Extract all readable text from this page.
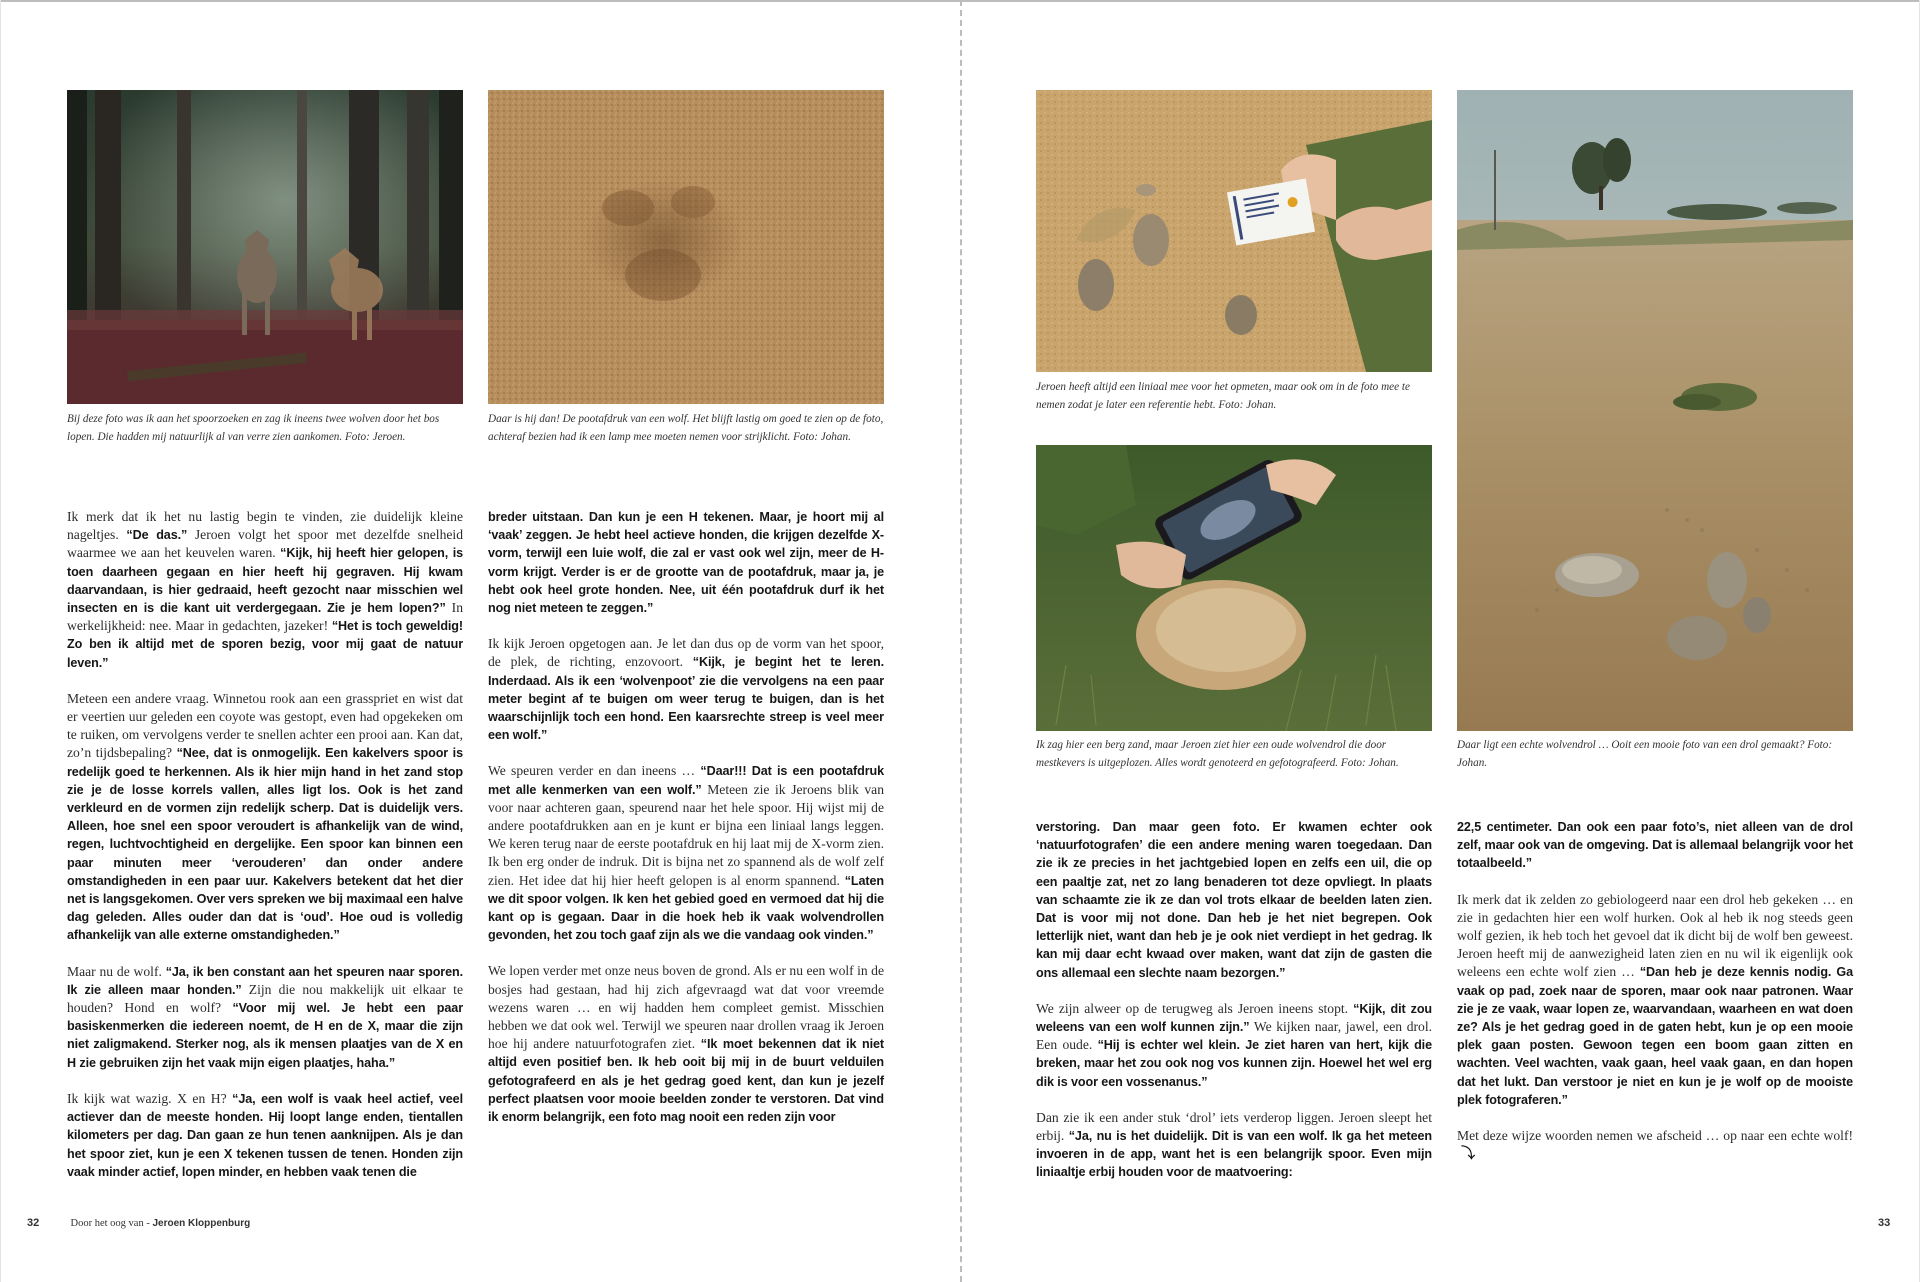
Bij deze foto was ik aan het spoorzoeken en zag ik ineens twee wolven door het bos lopen. Die hadden mij natuurlijk al van verre zien aankomen. Foto: Jeroen.
Daar is hij dan! De pootafdruk van een wolf. Het blijft lastig om goed te zien op de foto, achteraf bezien had ik een lamp mee moeten nemen voor strijklicht. Foto: Johan.

Ik merk dat ik het nu lastig begin te vinden, zie duidelijk kleine nageltjes. “De das.” Jeroen volgt het spoor met dezelfde snelheid waarmee we aan het keuvelen waren. “Kijk, hij heeft hier gelopen, is toen daarheen gegaan en hier heeft hij gegraven. Hij kwam daarvandaan, is hier gedraaid, heeft gezocht naar misschien wel insecten en is die kant uit verdergegaan. Zie je hem lopen?” In werkelijkheid: nee. Maar in gedachten, jazeker! “Het is toch geweldig! Zo ben ik altijd met de sporen bezig, voor mij gaat de natuur leven.”

Meteen een andere vraag. Winnetou rook aan een grasspriet en wist dat er veertien uur geleden een coyote was gestopt, even had opgekeken om te ruiken, om vervolgens verder te snellen achter een prooi aan. Kan dat, zo’n tijdsbepaling? “Nee, dat is onmogelijk. Een kakelvers spoor is redelijk goed te herkennen. Als ik hier mijn hand in het zand stop zie je de losse korrels vallen, alles ligt los. Ook is het zand verkleurd en de vormen zijn redelijk scherp. Dat is duidelijk vers. Alleen, hoe snel een spoor veroudert is afhankelijk van de wind, regen, luchtvochtigheid en dergelijke. Een spoor kan binnen een paar minuten meer ‘verouderen’ dan onder andere omstandigheden in een paar uur. Kakelvers betekent dat het dier net is langsgekomen. Over vers spreken we bij maximaal een halve dag geleden. Alles ouder dan dat is ‘oud’. Hoe oud is volledig afhankelijk van alle externe omstandigheden.”

Maar nu de wolf. “Ja, ik ben constant aan het speuren naar sporen. Ik zie alleen maar honden.” Zijn die nou makkelijk uit elkaar te houden? Hond en wolf? “Voor mij wel. Je hebt een paar basiskenmerken die iedereen noemt, de H en de X, maar die zijn niet zaligmakend. Sterker nog, als ik mensen plaatjes van de X en H zie gebruiken zijn het vaak mijn eigen plaatjes, haha.”

Ik kijk wat wazig. X en H? “Ja, een wolf is vaak heel actief, veel actiever dan de meeste honden. Hij loopt lange enden, tientallen kilometers per dag. Dan gaan ze hun tenen aanknijpen. Als je dan het spoor ziet, kun je een X tekenen tussen de tenen. Honden zijn vaak minder actief, lopen minder, en hebben vaak tenen die

breder uitstaan. Dan kun je een H tekenen. Maar, je hoort mij al ‘vaak’ zeggen. Je hebt heel actieve honden, die krijgen dezelfde X-vorm, terwijl een luie wolf, die zal er vast ook wel zijn, meer de H-vorm krijgt. Verder is er de grootte van de pootafdruk, maar ja, je hebt ook heel grote honden. Nee, uit één pootafdruk durf ik het nog niet meteen te zeggen.”

Ik kijk Jeroen opgetogen aan. Je let dan dus op de vorm van het spoor, de plek, de richting, enzovoort. “Kijk, je begint het te leren. Inderdaad. Als ik een ‘wolvenpoot’ zie die vervolgens na een paar meter begint af te buigen om weer terug te buigen, dan is het waarschijnlijk toch een hond. Een kaarsrechte streep is veel meer een wolf.”

We speuren verder en dan ineens … “Daar!!! Dat is een pootafdruk met alle kenmerken van een wolf.” Meteen zie ik Jeroens blik van voor naar achteren gaan, speurend naar het hele spoor. Hij wijst mij de andere pootafdrukken aan en je kunt er bijna een liniaal langs leggen. We keren terug naar de eerste pootafdruk en hij laat mij de X-vorm zien. Ik ben erg onder de indruk. Dit is bijna net zo spannend als de wolf zelf zien. Het idee dat hij hier heeft gelopen is al enorm spannend. “Laten we dit spoor volgen. Ik ken het gebied goed en vermoed dat hij die kant op is gegaan. Daar in die hoek heb ik vaak wolvendrollen gevonden, het zou toch gaaf zijn als we die vandaag ook vinden.”

We lopen verder met onze neus boven de grond. Als er nu een wolf in de bosjes had gestaan, had hij zich afgevraagd wat dat voor vreemde wezens waren … en wij hadden hem compleet gemist. Misschien hebben we dat ook wel. Terwijl we speuren naar drollen vraag ik Jeroen hoe hij andere natuurfotografen ziet. “Ik moet bekennen dat ik niet altijd even positief ben. Ik heb ooit bij mij in de buurt velduilen gefotografeerd en als je het gedrag goed kent, dan kun je jezelf perfect plaatsen voor mooie beelden zonder te verstoren. Dat vind ik enorm belangrijk, een foto mag nooit een reden zijn voor

32	Door het oog van - Jeroen Kloppenburg
Jeroen heeft altijd een liniaal mee voor het opmeten, maar ook om in de foto mee te nemen zodat je later een referentie hebt. Foto: Johan.
Ik zag hier een berg zand, maar Jeroen ziet hier een oude wolvendrol die door mestkevers is uitgeplozen. Alles wordt genoteerd en gefotografeerd. Foto: Johan.
Daar ligt een echte wolvendrol … Ooit een mooie foto van een drol gemaakt? Foto: Johan.

verstoring. Dan maar geen foto. Er kwamen echter ook ‘natuurfotografen’ die een andere mening waren toegedaan. Dan zie ik ze precies in het jachtgebied lopen en zelfs een uil, die op een paaltje zat, net zo lang benaderen tot deze opvliegt. In plaats van schaamte zie ik ze dan vol trots elkaar de beelden laten zien. Dat is voor mij not done. Dan heb je het niet begrepen. Ook letterlijk niet, want dan heb je je ook niet verdiept in het gedrag. Ik kan mij daar echt kwaad over maken, want dat zijn de gasten die ons allemaal een slechte naam bezorgen.”

We zijn alweer op de terugweg als Jeroen ineens stopt. “Kijk, dit zou weleens van een wolf kunnen zijn.” We kijken naar, jawel, een drol. Een oude. “Hij is echter wel klein. Je ziet haren van hert, kijk die breken, maar het zou ook nog vos kunnen zijn. Hoewel het wel erg dik is voor een vossenanus.”

Dan zie ik een ander stuk ‘drol’ iets verderop liggen. Jeroen sleept het erbij. “Ja, nu is het duidelijk. Dit is van een wolf. Ik ga het meteen invoeren in de app, want het is een belangrijk spoor. Even mijn liniaaltje erbij houden voor de maatvoering:

22,5 centimeter. Dan ook een paar foto’s, niet alleen van de drol zelf, maar ook van de omgeving. Dat is allemaal belangrijk voor het totaalbeeld.”

Ik merk dat ik zelden zo gebiologeerd naar een drol heb gekeken … en zie in gedachten hier een wolf hurken. Ook al heb ik nog steeds geen wolf gezien, ik heb toch het gevoel dat ik dicht bij de wolf ben geweest. Jeroen heeft mij de aanwezigheid laten zien en nu wil ik eigenlijk ook weleens een echte wolf zien … “Dan heb je deze kennis nodig. Ga vaak op pad, zoek naar de sporen, maar ook naar patronen. Waar zie je ze vaak, waar lopen ze, waarvandaan, waarheen en wat doen ze? Als je het gedrag goed in de gaten hebt, kun je op een mooie plek gaan posten. Gewoon tegen een boom gaan zitten en wachten. Veel wachten, vaak gaan, heel vaak gaan, en dan hopen dat het lukt. Dan verstoor je niet en kun je je wolf op de mooiste plek fotograferen.”

Met deze wijze woorden nemen we afscheid … op naar een echte wolf!⤵

33
